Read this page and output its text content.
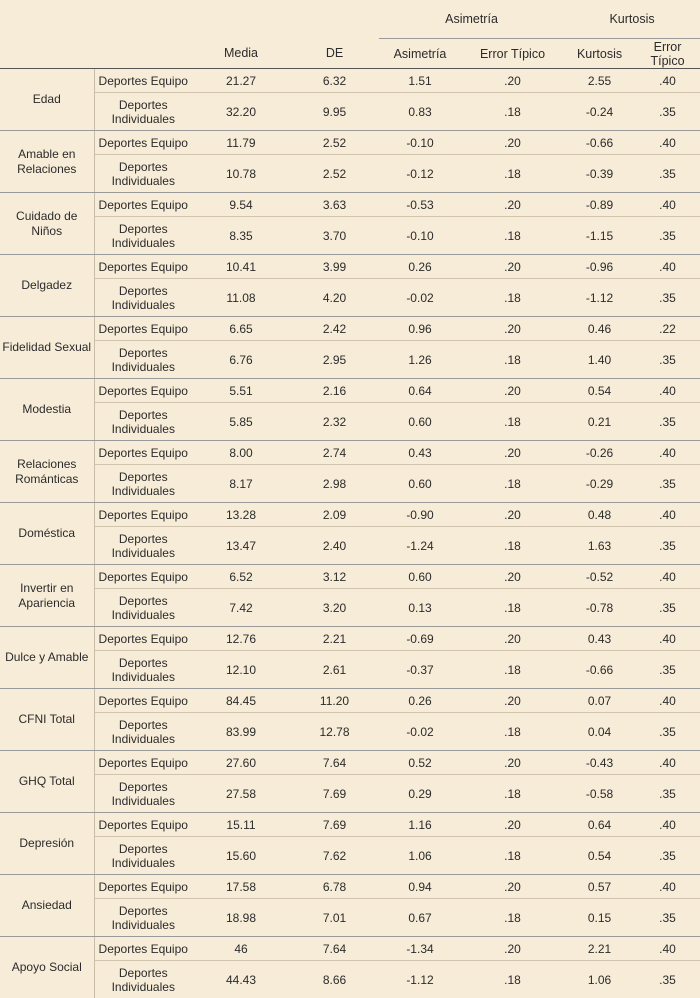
				Asimetría		Kurtosis	
		Media	DE	Asimetría	Error Típico	Kurtosis	Error Típico
Edad	Deportes Equipo	21.27	6.32	1.51	.20	2.55	.40
	Deportes Individuales	32.20	9.95	0.83	.18	-0.24	.35
Amable en Relaciones	Deportes Equipo	11.79	2.52	-0.10	.20	-0.66	.40
	Deportes Individuales	10.78	2.52	-0.12	.18	-0.39	.35
Cuidado de Niños	Deportes Equipo	9.54	3.63	-0.53	.20	-0.89	.40
	Deportes Individuales	8.35	3.70	-0.10	.18	-1.15	.35
Delgadez	Deportes Equipo	10.41	3.99	0.26	.20	-0.96	.40
	Deportes Individuales	11.08	4.20	-0.02	.18	-1.12	.35
Fidelidad Sexual	Deportes Equipo	6.65	2.42	0.96	.20	0.46	.22
	Deportes Individuales	6.76	2.95	1.26	.18	1.40	.35
Modestia	Deportes Equipo	5.51	2.16	0.64	.20	0.54	.40
	Deportes Individuales	5.85	2.32	0.60	.18	0.21	.35
Relaciones Románticas	Deportes Equipo	8.00	2.74	0.43	.20	-0.26	.40
	Deportes Individuales	8.17	2.98	0.60	.18	-0.29	.35
Doméstica	Deportes Equipo	13.28	2.09	-0.90	.20	0.48	.40
	Deportes Individuales	13.47	2.40	-1.24	.18	1.63	.35
Invertir en Apariencia	Deportes Equipo	6.52	3.12	0.60	.20	-0.52	.40
	Deportes Individuales	7.42	3.20	0.13	.18	-0.78	.35
Dulce y Amable	Deportes Equipo	12.76	2.21	-0.69	.20	0.43	.40
	Deportes Individuales	12.10	2.61	-0.37	.18	-0.66	.35
CFNI Total	Deportes Equipo	84.45	11.20	0.26	.20	0.07	.40
	Deportes Individuales	83.99	12.78	-0.02	.18	0.04	.35
GHQ Total	Deportes Equipo	27.60	7.64	0.52	.20	-0.43	.40
	Deportes Individuales	27.58	7.69	0.29	.18	-0.58	.35
Depresión	Deportes Equipo	15.11	7.69	1.16	.20	0.64	.40
	Deportes Individuales	15.60	7.62	1.06	.18	0.54	.35
Ansiedad	Deportes Equipo	17.58	6.78	0.94	.20	0.57	.40
	Deportes Individuales	18.98	7.01	0.67	.18	0.15	.35
Apoyo Social	Deportes Equipo	46	7.64	-1.34	.20	2.21	.40
	Deportes Individuales	44.43	8.66	-1.12	.18	1.06	.35
